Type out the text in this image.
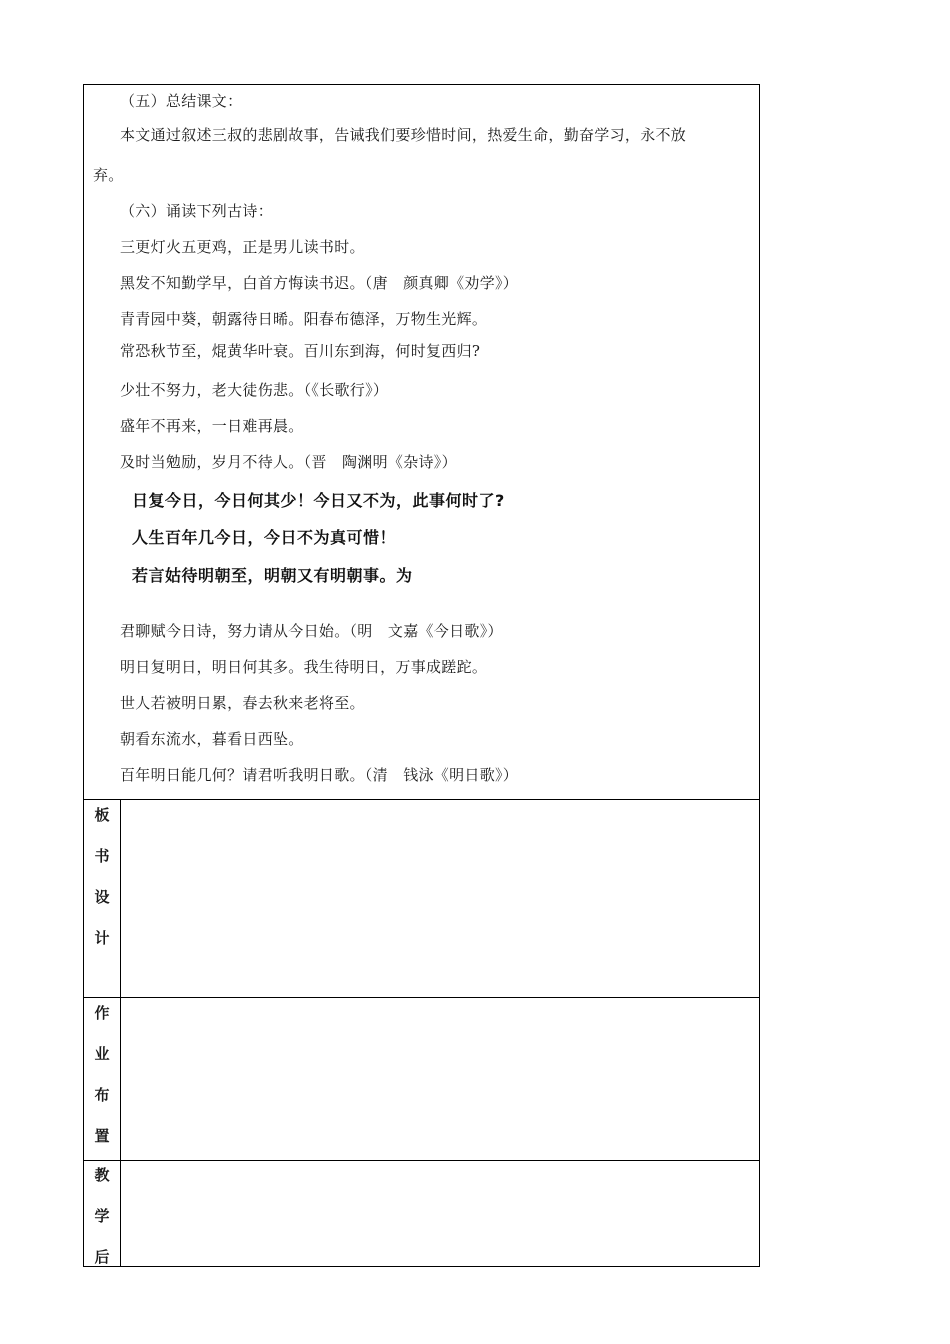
（五）总结课文：
本文通过叙述三叔的悲剧故事，告诫我们要珍惜时间，热爱生命，勤奋学习，永不放
弃。
（六）诵读下列古诗：
三更灯火五更鸡，正是男儿读书时。
黑发不知勤学早，白首方悔读书迟。（唐　颜真卿《劝学》）
青青园中葵，朝露待日晞。阳春布德泽，万物生光辉。
常恐秋节至，焜黄华叶衰。百川东到海，何时复西归?
少壮不努力，老大徒伤悲。（《长歌行》）
盛年不再来，一日难再晨。
及时当勉励，岁月不待人。（晋　陶渊明《杂诗》）
日复今日，今日何其少！今日又不为，此事何时了?
人生百年几今日，今日不为真可惜！
若言姑待明朝至，明朝又有明朝事。为
君聊赋今日诗，努力请从今日始。（明　文嘉《今日歌》）
明日复明日，明日何其多。我生待明日，万事成蹉跎。
世人若被明日累，春去秋来老将至。
朝看东流水，暮看日西坠。
百年明日能几何？请君听我明日歌。（清　钱泳《明日歌》）
板
书
设
计
作
业
布
置
教
学
后
